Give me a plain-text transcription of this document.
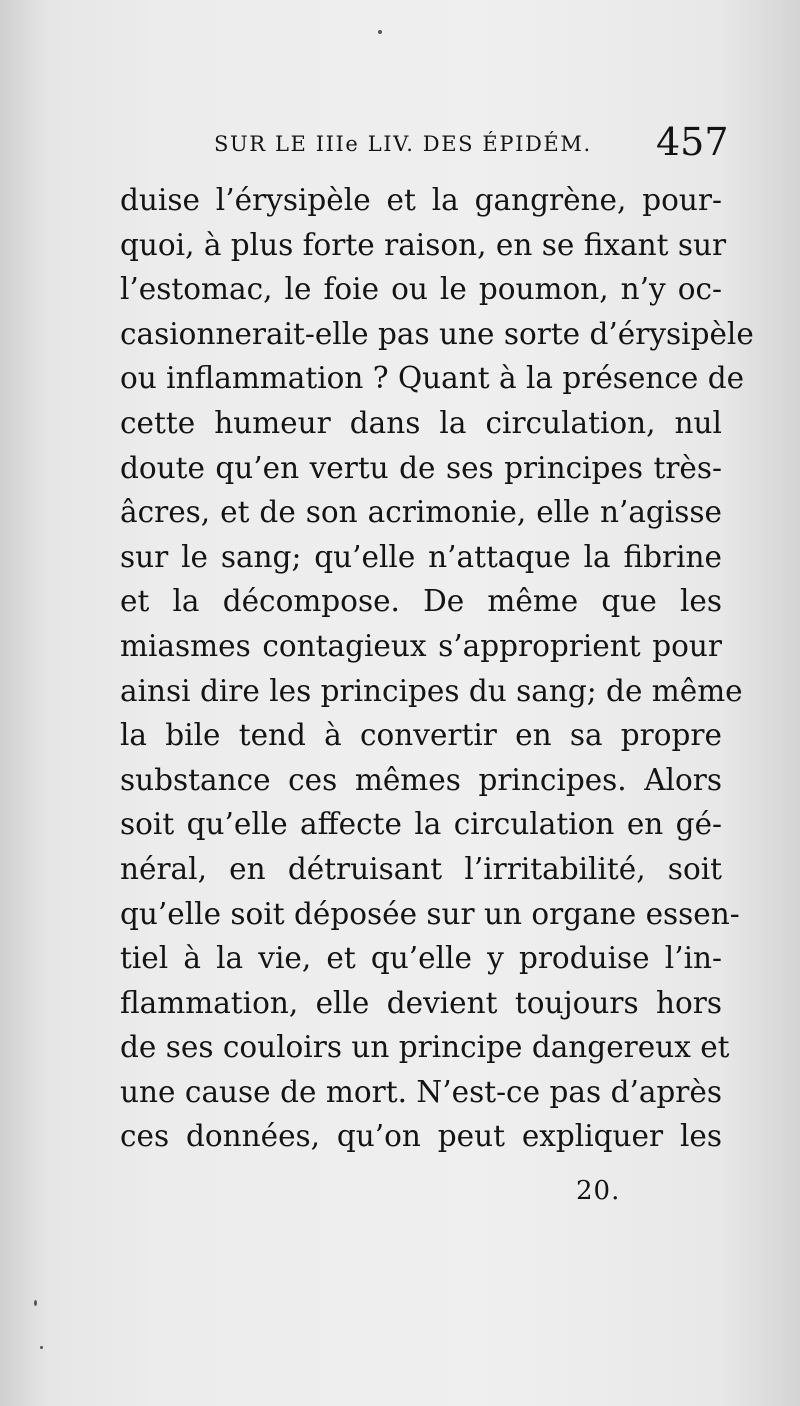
SUR LE IIIe LIV. DES ÉPIDÉM. 457
duise l’érysipèle et la gangrène, pour-
quoi, à plus forte raison, en se fixant sur
l’estomac, le foie ou le poumon, n’y oc-
casionnerait-elle pas une sorte d’érysipèle
ou inflammation ? Quant à la présence de
cette humeur dans la circulation, nul
doute qu’en vertu de ses principes très-
âcres, et de son acrimonie, elle n’agisse
sur le sang; qu’elle n’attaque la fibrine
et la décompose. De même que les
miasmes contagieux s’approprient pour
ainsi dire les principes du sang; de même
la bile tend à convertir en sa propre
substance ces mêmes principes. Alors
soit qu’elle affecte la circulation en gé-
néral, en détruisant l’irritabilité, soit
qu’elle soit déposée sur un organe essen-
tiel à la vie, et qu’elle y produise l’in-
flammation, elle devient toujours hors
de ses couloirs un principe dangereux et
une cause de mort. N’est-ce pas d’après
ces données, qu’on peut expliquer les
20.
